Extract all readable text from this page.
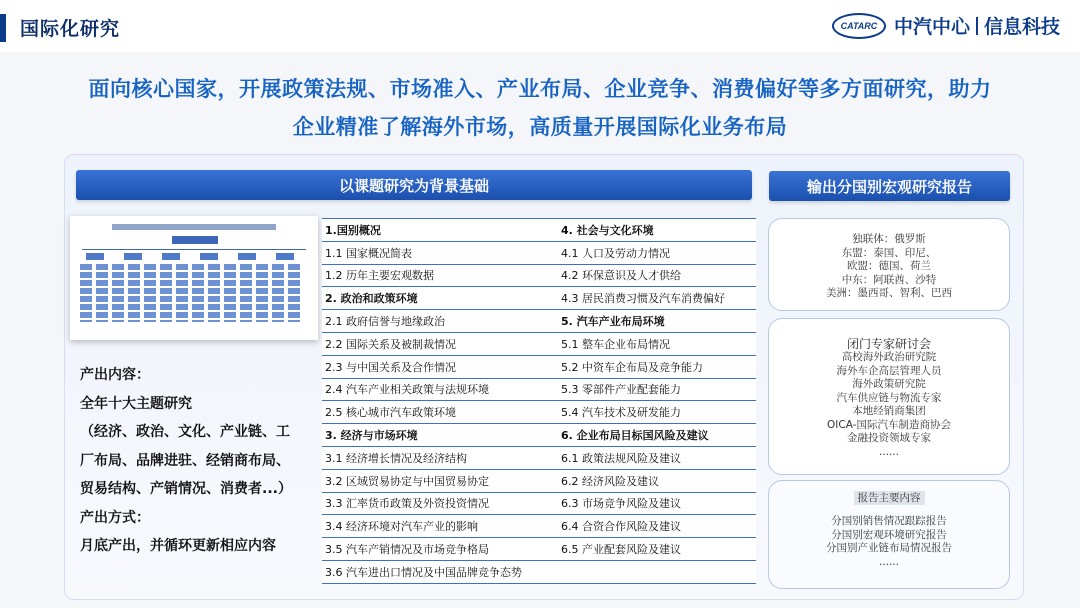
国际化研究	CATARC 中汽中心 信息科技
面向核心国家，开展政策法规、市场准入、产业布局、企业竞争、消费偏好等多方面研究，助力
企业精准了解海外市场，高质量开展国际化业务布局
以课题研究为背景基础	输出分国别宏观研究报告
产出内容：
全年十大主题研究
（经济、政治、文化、产业链、工
厂布局、品牌进驻、经销商布局、
贸易结构、产销情况、消费者...）
产出方式：
月底产出，并循环更新相应内容
1.国别概况	4. 社会与文化环境
1.1 国家概况简表	4.1 人口及劳动力情况
1.2 历年主要宏观数据	4.2 环保意识及人才供给
2. 政治和政策环境	4.3 居民消费习惯及汽车消费偏好
2.1 政府信誉与地缘政治	5. 汽车产业布局环境
2.2 国际关系及被制裁情况	5.1 整车企业布局情况
2.3 与中国关系及合作情况	5.2 中资车企布局及竞争能力
2.4 汽车产业相关政策与法规环境	5.3 零部件产业配套能力
2.5 核心城市汽车政策环境	5.4 汽车技术及研发能力
3. 经济与市场环境	6. 企业布局目标国风险及建议
3.1 经济增长情况及经济结构	6.1 政策法规风险及建议
3.2 区域贸易协定与中国贸易协定	6.2 经济风险及建议
3.3 汇率货币政策及外资投资情况	6.3 市场竞争风险及建议
3.4 经济环境对汽车产业的影响	6.4 合资合作风险及建议
3.5 汽车产销情况及市场竞争格局	6.5 产业配套风险及建议
3.6 汽车进出口情况及中国品牌竞争态势	
独联体：俄罗斯
东盟：泰国、印尼、
欧盟：德国、荷兰
中东：阿联酋、沙特
美洲：墨西哥、智利、巴西
闭门专家研讨会
高校海外政治研究院
海外车企高层管理人员
海外政策研究院
汽车供应链与物流专家
本地经销商集团
OICA-国际汽车制造商协会
金融投资领域专家
......
报告主要内容
分国别销售情况跟踪报告
分国别宏观环境研究报告
分国别产业链布局情况报告
......
